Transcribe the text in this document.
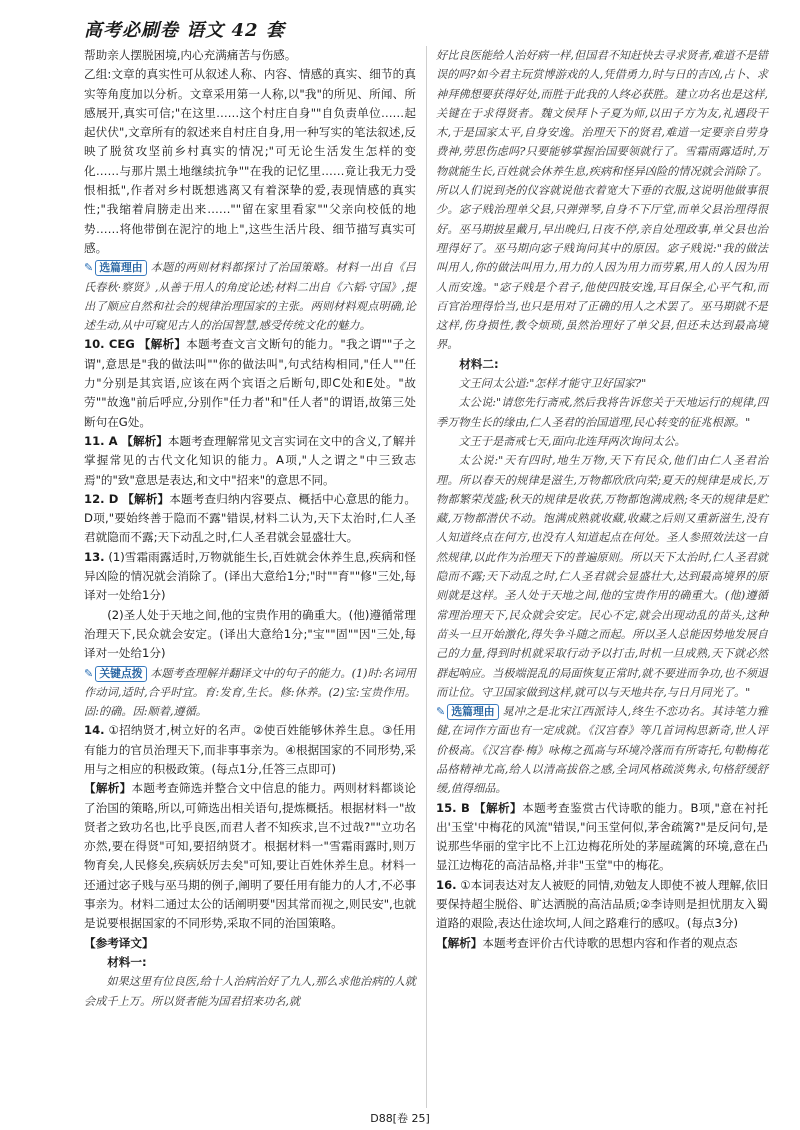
高考必刷卷 语文 42 套

帮助亲人摆脱困境,内心充满痛苦与伤感。

乙组:文章的真实性可从叙述人称、内容、情感的真实、细节的真实等角度加以分析。文章采用第一人称,以"我"的所见、所闻、所感展开,真实可信;"在这里……这个村庄自身""自负责单位……起起伏伏",文章所有的叙述来自村庄自身,用一种写实的笔法叙述,反映了脱贫攻坚前乡村真实的情况;"可无论生活发生怎样的变化……与那片黑土地继续抗争""在我的记忆里……竟让我无力受恨相抵",作者对乡村既想逃离又有着深挚的爱,表现情感的真实性;"我缩着肩膀走出来……""留在家里看家""父亲向校低的地势……将他带倒在泥泞的地上",这些生活片段、细节描写真实可感。

✎ 选篇理由 本题的两则材料都探讨了治国策略。材料一出自《吕氏春秋·察贤》,从善于用人的角度论述;材料二出自《六韬·守国》,提出了顺应自然和社会的规律治理国家的主张。两则材料观点明确,论述生动,从中可窥见古人的治国智慧,感受传统文化的魅力。

10. CEG 【解析】本题考查文言文断句的能力。"我之谓""子之谓",意思是"我的做法叫""你的做法叫",句式结构相同,"任人""任力"分别是其宾语,应该在两个宾语之后断句,即C处和E处。"故劳""故逸"前后呼应,分别作"任力者"和"任人者"的谓语,故第三处断句在G处。

11. A 【解析】本题考查理解常见文言实词在文中的含义,了解并掌握常见的古代文化知识的能力。A项,"人之谓之"中三致志焉"的"致"意思是表达,和文中"招来"的意思不同。

12. D 【解析】本题考查归纳内容要点、概括中心意思的能力。D项,"要始终善于隐而不露"错误,材料二认为,天下太治时,仁人圣君就隐而不露;天下动乱之时,仁人圣君就会显盛壮大。

13. (1)雪霜雨露适时,万物就能生长,百姓就会休养生息,疾病和怪异凶险的情况就会消除了。(译出大意给1分;"时""育""修"三处,每译对一处给1分)

(2)圣人处于天地之间,他的宝贵作用的确重大。(他)遵循常理治理天下,民众就会安定。(译出大意给1分;"宝""固""因"三处,每译对一处给1分)

✎ 关键点拨 本题考查理解并翻译文中的句子的能力。(1)时:名词用作动词,适时,合乎时宜。育:发育,生长。修:休养。(2)宝:宝贵作用。固:的确。因:顺着,遵循。

14. ①招纳贤才,树立好的名声。②使百姓能够休养生息。③任用有能力的官员治理天下,而非事事亲为。④根据国家的不同形势,采用与之相应的积极政策。(每点1分,任答三点即可)

【解析】本题考查筛选并整合文中信息的能力。两则材料都谈论了治国的策略,所以,可筛选出相关语句,提炼概括。根据材料一"故贤者之致功名也,比乎良医,而君人者不知疾求,岂不过哉?""立功名亦然,要在得贤"可知,要招纳贤才。根据材料一"雪霜雨露时,则万物育矣,人民修矣,疾病妖厉去矣"可知,要让百姓休养生息。材料一还通过宓子贱与巫马期的例子,阐明了要任用有能力的人才,不必事事亲为。材料二通过太公的话阐明要"因其常而视之,则民安",也就是说要根据国家的不同形势,采取不同的治国策略。

【参考译文】

材料一:

如果这里有位良医,给十人治病治好了九人,那么求他治病的人就会成千上万。所以贤者能为国君招来功名,就

好比良医能给人治好病一样,但国君不知赶快去寻求贤者,难道不是错误的吗?如今君主玩赏博游戏的人,凭借勇力,时与日的吉凶,占卜、求神拜佛想要获得好处,而胜于此我的人终必获胜。建立功名也是这样,关键在于求得贤者。魏文侯拜卜子夏为师,以田子方为友,礼遇段干木,于是国家太平,自身安逸。治理天下的贤君,难道一定要亲自劳身费神,劳思伤虑吗?只要能够掌握治国要领就行了。雪霜雨露适时,万物就能生长,百姓就会休养生息,疾病和怪异凶险的情况就会消除了。所以人们说到尧的仪容就说他衣着宽大下垂的衣服,这说明他做事很少。宓子贱治理单父县,只弹弹琴,自身不下厅堂,而单父县治理得很好。巫马期披星戴月,早出晚归,日夜不停,亲自处理政事,单父县也治理得好了。巫马期向宓子贱询问其中的原因。宓子贱说:"我的做法叫用人,你的做法叫用力,用力的人因为用力而劳累,用人的人因为用人而安逸。"宓子贱是个君子,他使四肢安逸,耳目保全,心平气和,而百官治理得恰当,也只是用对了正确的用人之术罢了。巫马期就不是这样,伤身损性,教令烦琐,虽然治理好了单父县,但还未达到最高境界。

材料二:

文王问太公道:"怎样才能守卫好国家?"

太公说:"请您先行斋戒,然后我将告诉您关于天地运行的规律,四季万物生长的缘由,仁人圣君的治国道理,民心转变的征兆根源。"

文王于是斋戒七天,面向北连拜两次询问太公。

太公说:"天有四时,地生万物,天下有民众,他们由仁人圣君治理。所以春天的规律是滋生,万物都欣欣向荣;夏天的规律是成长,万物都繁荣茂盛;秋天的规律是收获,万物都饱满成熟;冬天的规律是贮藏,万物都潜伏不动。饱满成熟就收藏,收藏之后则又重新滋生,没有人知道终点在何方,也没有人知道起点在何处。圣人参照效法这一自然规律,以此作为治理天下的普遍原则。所以天下太治时,仁人圣君就隐而不露;天下动乱之时,仁人圣君就会显盛壮大,达到最高境界的原则就是这样。圣人处于天地之间,他的宝贵作用的确重大。(他)遵循常理治理天下,民众就会安定。民心不定,就会出现动乱的苗头,这种苗头一旦开始激化,得失争斗随之而起。所以圣人总能因势地发展自己的力量,得到时机就采取行动予以打击,时机一旦成熟,天下就必然群起响应。当极端混乱的局面恢复正常时,就不要进而争功,也不须退而让位。守卫国家做到这样,就可以与天地共存,与日月同光了。"

✎ 选篇理由 晁冲之是北宋江西派诗人,终生不恋功名。其诗笔力雅健,在词作方面也有一定成就。《汉宫春》等几首词构思新奇,世人评价极高。《汉宫春·梅》咏梅之孤高与环境冷落而有所寄托,句勒梅花品格精神尤高,给人以清高拔俗之感,全词风格疏淡隽永,句格舒缓舒缓,值得细品。

15. B 【解析】本题考查鉴赏古代诗歌的能力。B项,"意在衬托出'玉堂'中梅花的风流"错误,"问玉堂何似,茅舍疏篱?"是反问句,是说那些华丽的堂宇比不上江边梅花所处的茅屋疏篱的环境,意在凸显江边梅花的高洁品格,并非"玉堂"中的梅花。

16. ①本词表达对友人被贬的同情,劝勉友人即使不被人理解,依旧要保持超尘脱俗、旷达洒脱的高洁品质;②李诗则是担忧朋友入蜀道路的艰险,表达仕途坎坷,人间之路难行的感叹。(每点3分)

【解析】本题考查评价古代诗歌的思想内容和作者的观点态

D88[卷 25]
